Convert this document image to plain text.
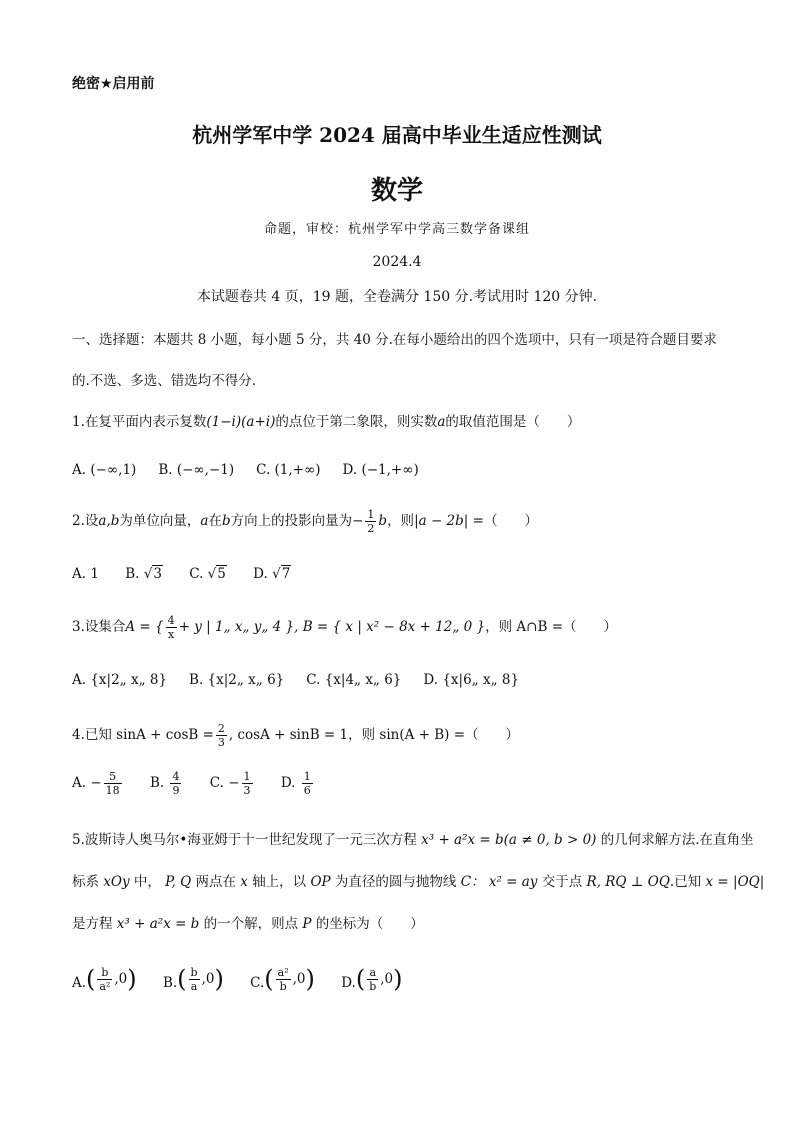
绝密★启用前
杭州学军中学 2024 届高中毕业生适应性测试
数学
命题，审校：杭州学军中学高三数学备课组
2024.4
本试题卷共 4 页，19 题，全卷满分 150 分.考试用时 120 分钟.
一、选择题：本题共 8 小题，每小题 5 分，共 40 分.在每小题给出的四个选项中，只有一项是符合题目要求
的.不选、多选、错选均不得分.
1.在复平面内表示复数(1−i)(a+i)的点位于第二象限，则实数a的取值范围是（　　）
A. (−∞,1) B. (−∞,−1) C. (1,+∞) D. (−1,+∞)
2.设a,b为单位向量，a在b方向上的投影向量为− $\frac{1}{2}$ b，则|a − 2b| =（　　）
A. 1 B. √3 C. √5 D. √7
3.设集合A = { $\frac{4}{x} + y$ | 1„ x„ y„ 4 }, B = { x | x² − 8x + 12„ 0 }，则 A∩B =（　　）
A. {x|2„ x„ 8} B. {x|2„ x„ 6} C. {x|4„ x„ 6} D. {x|6„ x„ 8}
4.已知 $\sin A + \cos B = \frac{2}{3}$ , cosA + sinB = 1，则 sin(A + B) =（　　）
A. − $\frac{5}{18} B$. $\frac{4}{9} C$. − $\frac{1}{3} D$. $\frac{1}{6}$
5.波斯诗人奥马尔•海亚姆于十一世纪发现了一元三次方程 x³ + a²x = b(a ≠ 0, b > 0) 的几何求解方法.在直角坐
标系 xOy 中， P, Q 两点在 x 轴上，以 OP 为直径的圆与抛物线 C： x² = ay 交于点 R, RQ ⊥ OQ.已知 x = |OQ|
是方程 x³ + a²x = b 的一个解，则点 P 的坐标为（　　）
A. ( $\frac{b}{\text{a²}} ,0$ ) B. ( $\frac{b}{a} ,0$ ) C. ( $\frac{\text{a²}}{b} ,0$ ) D. ( $\frac{a}{b} ,0$ )
